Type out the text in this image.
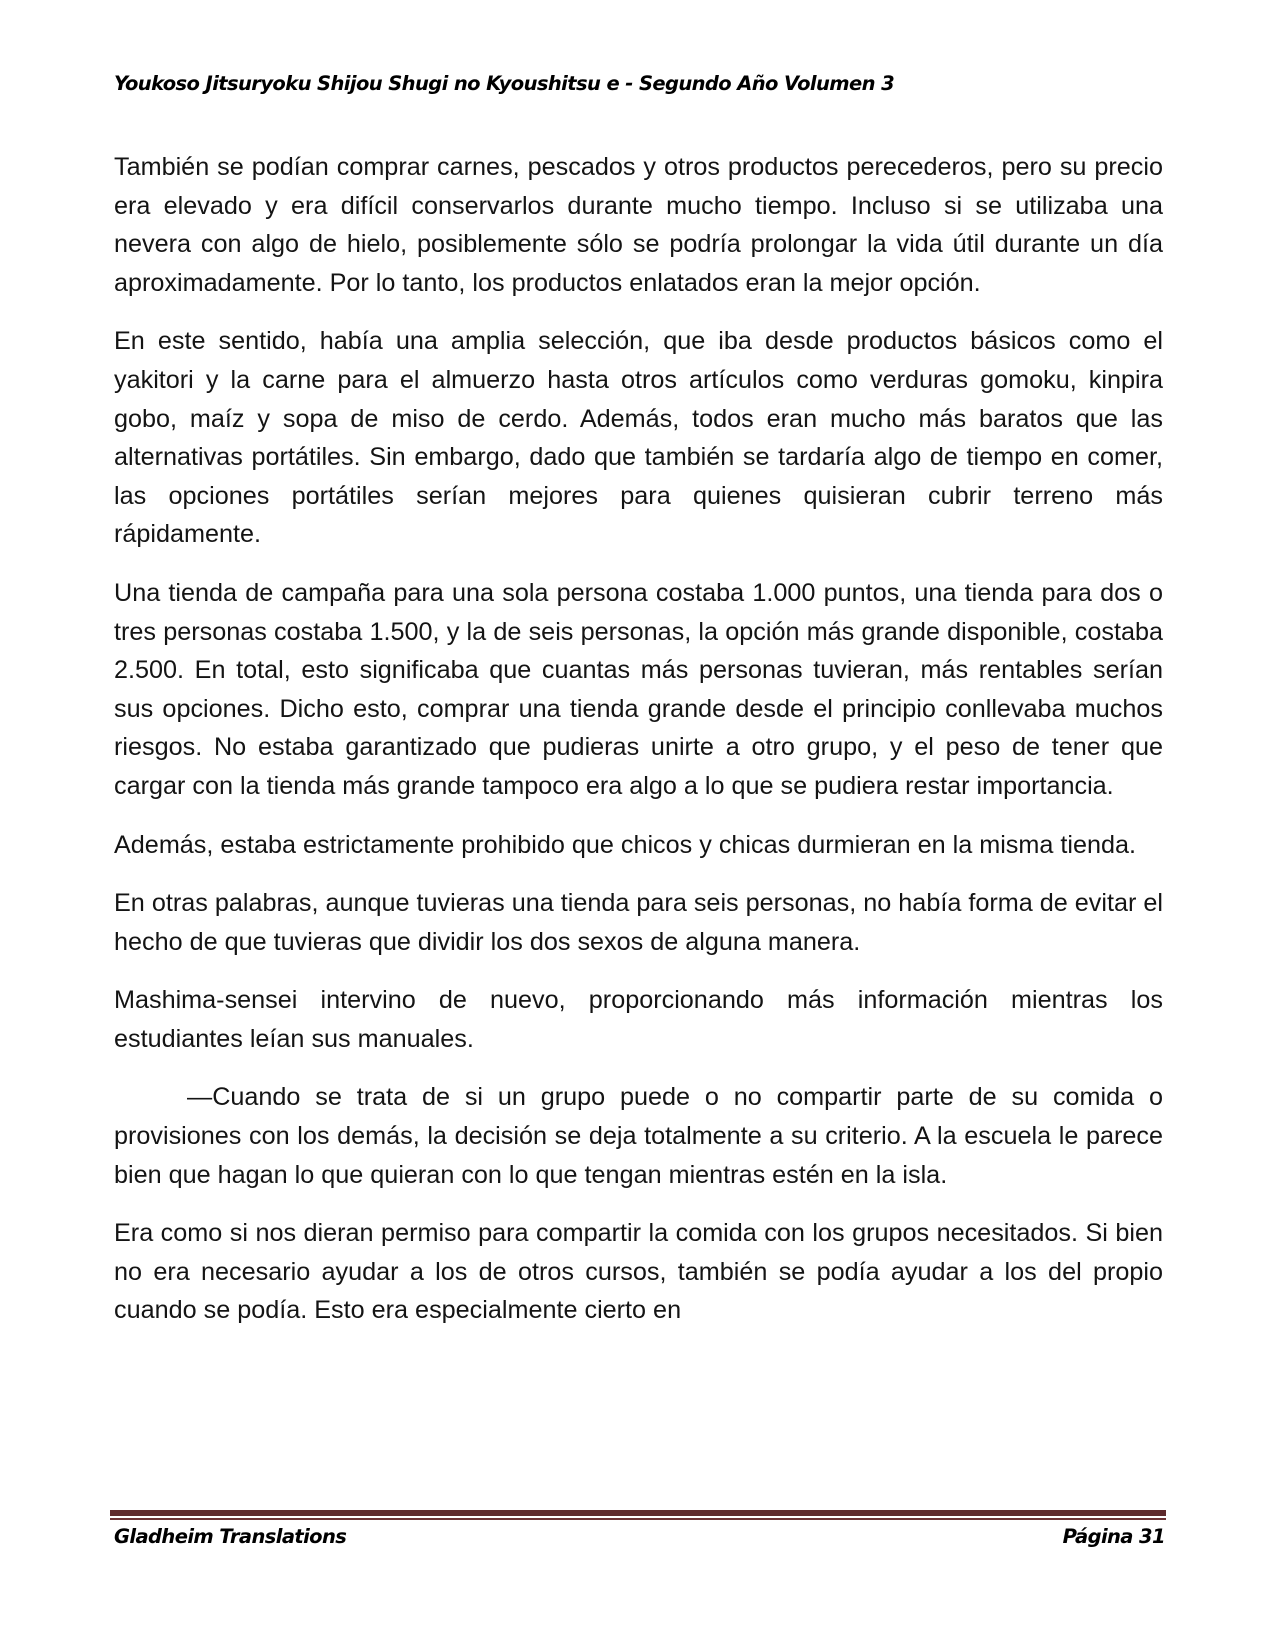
Youkoso Jitsuryoku Shijou Shugi no Kyoushitsu e - Segundo Año Volumen 3

También se podían comprar carnes, pescados y otros productos perecederos, pero su precio era elevado y era difícil conservarlos durante mucho tiempo. Incluso si se utilizaba una nevera con algo de hielo, posiblemente sólo se podría prolongar la vida útil durante un día aproximadamente. Por lo tanto, los productos enlatados eran la mejor opción.

En este sentido, había una amplia selección, que iba desde productos básicos como el yakitori y la carne para el almuerzo hasta otros artículos como verduras gomoku, kinpira gobo, maíz y sopa de miso de cerdo. Además, todos eran mucho más baratos que las alternativas portátiles. Sin embargo, dado que también se tardaría algo de tiempo en comer, las opciones portátiles serían mejores para quienes quisieran cubrir terreno más rápidamente.

Una tienda de campaña para una sola persona costaba 1.000 puntos, una tienda para dos o tres personas costaba 1.500, y la de seis personas, la opción más grande disponible, costaba 2.500. En total, esto significaba que cuantas más personas tuvieran, más rentables serían sus opciones. Dicho esto, comprar una tienda grande desde el principio conllevaba muchos riesgos. No estaba garantizado que pudieras unirte a otro grupo, y el peso de tener que cargar con la tienda más grande tampoco era algo a lo que se pudiera restar importancia.

Además, estaba estrictamente prohibido que chicos y chicas durmieran en la misma tienda.

En otras palabras, aunque tuvieras una tienda para seis personas, no había forma de evitar el hecho de que tuvieras que dividir los dos sexos de alguna manera.

Mashima-sensei intervino de nuevo, proporcionando más información mientras los estudiantes leían sus manuales.

—Cuando se trata de si un grupo puede o no compartir parte de su comida o provisiones con los demás, la decisión se deja totalmente a su criterio. A la escuela le parece bien que hagan lo que quieran con lo que tengan mientras estén en la isla.

Era como si nos dieran permiso para compartir la comida con los grupos necesitados. Si bien no era necesario ayudar a los de otros cursos, también se podía ayudar a los del propio cuando se podía. Esto era especialmente cierto en

Gladheim Translations	Página 31
